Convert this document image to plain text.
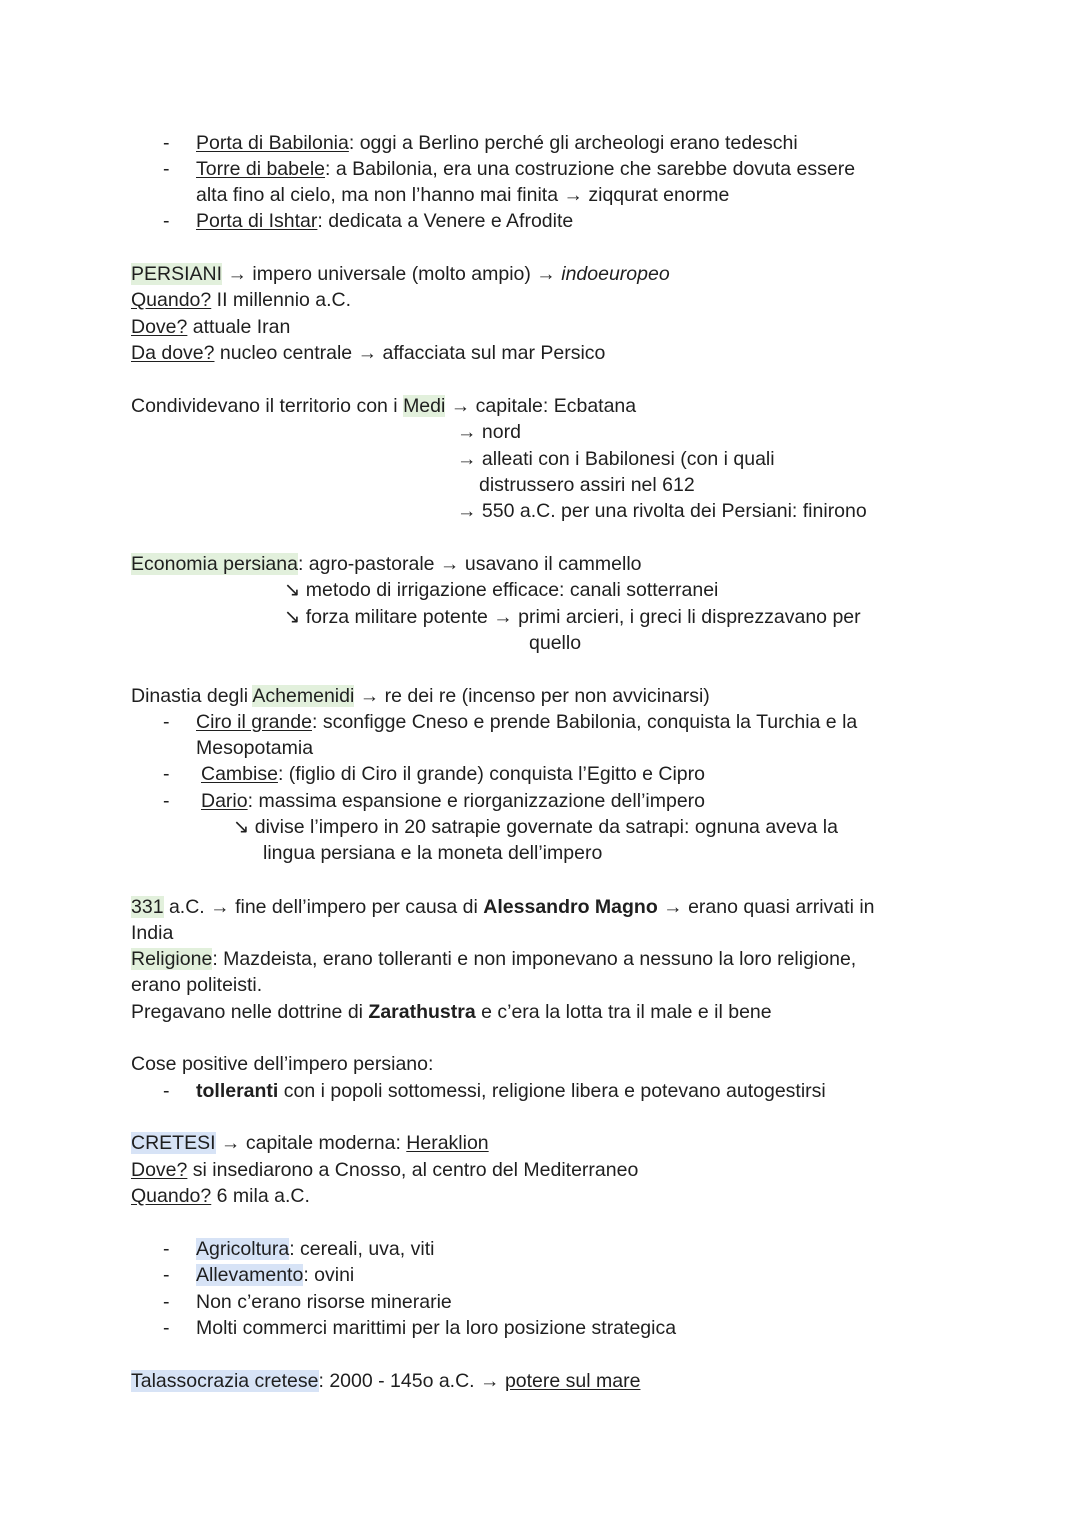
-	Porta di Babilonia: oggi a Berlino perché gli archeologi erano tedeschi
-	Torre di babele: a Babilonia, era una costruzione che sarebbe dovuta essere
alta fino al cielo, ma non l’hanno mai finita → ziqqurat enorme
-	Porta di Ishtar: dedicata a Venere e Afrodite
PERSIANI → impero universale (molto ampio) → indoeuropeo
Quando? II millennio a.C.
Dove? attuale Iran
Da dove? nucleo centrale → affacciata sul mar Persico
Condividevano il territorio con i Medi → capitale: Ecbatana
→ nord
→ alleati con i Babilonesi (con i quali
distrussero assiri nel 612
→ 550 a.C. per una rivolta dei Persiani: finirono
Economia persiana: agro-pastorale → usavano il cammello
↘ metodo di irrigazione efficace: canali sotterranei
↘ forza militare potente → primi arcieri, i greci li disprezzavano per
quello
Dinastia degli Achemenidi → re dei re (incenso per non avvicinarsi)
-	Ciro il grande: sconfigge Cneso e prende Babilonia, conquista la Turchia e la
Mesopotamia
-	Cambise: (figlio di Ciro il grande) conquista l’Egitto e Cipro
-	Dario: massima espansione e riorganizzazione dell’impero
↘ divise l’impero in 20 satrapie governate da satrapi: ognuna aveva la
lingua persiana e la moneta dell’impero
331 a.C. → fine dell’impero per causa di Alessandro Magno → erano quasi arrivati in
India
Religione: Mazdeista, erano tolleranti e non imponevano a nessuno la loro religione,
erano politeisti.
Pregavano nelle dottrine di Zarathustra e c’era la lotta tra il male e il bene
Cose positive dell’impero persiano:
-	tolleranti con i popoli sottomessi, religione libera e potevano autogestirsi
CRETESI → capitale moderna: Heraklion
Dove? si insediarono a Cnosso, al centro del Mediterraneo
Quando? 6 mila a.C.
-	Agricoltura: cereali, uva, viti
-	Allevamento: ovini
-	Non c’erano risorse minerarie
-	Molti commerci marittimi per la loro posizione strategica
Talassocrazia cretese: 2000 - 145o a.C. → potere sul mare
